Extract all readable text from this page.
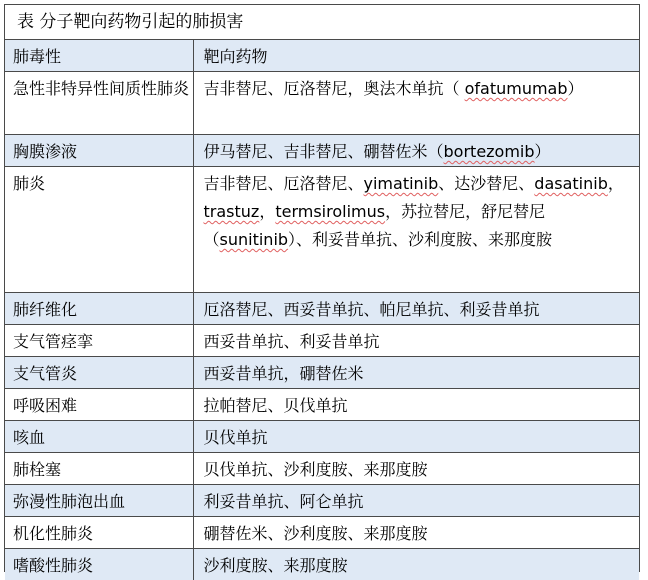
表 分子靶向药物引起的肺损害
肺毒性	靶向药物
急性非特异性间质性肺炎	吉非替尼、厄洛替尼，奥法木单抗（ ofatumumab）
胸膜渗液	伊马替尼、吉非替尼、硼替佐米（bortezomib）
肺炎	吉非替尼、厄洛替尼、yimatinib、达沙替尼、dasatinib，trastuz，termsirolimus，苏拉替尼，舒尼替尼（sunitinib）、利妥昔单抗、沙利度胺、来那度胺
肺纤维化	厄洛替尼、西妥昔单抗、帕尼单抗、利妥昔单抗
支气管痉挛	西妥昔单抗、利妥昔单抗
支气管炎	西妥昔单抗，硼替佐米
呼吸困难	拉帕替尼、贝伐单抗
咳血	贝伐单抗
肺栓塞	贝伐单抗、沙利度胺、来那度胺
弥漫性肺泡出血	利妥昔单抗、阿仑单抗
机化性肺炎	硼替佐米、沙利度胺、来那度胺
嗜酸性肺炎	沙利度胺、来那度胺
